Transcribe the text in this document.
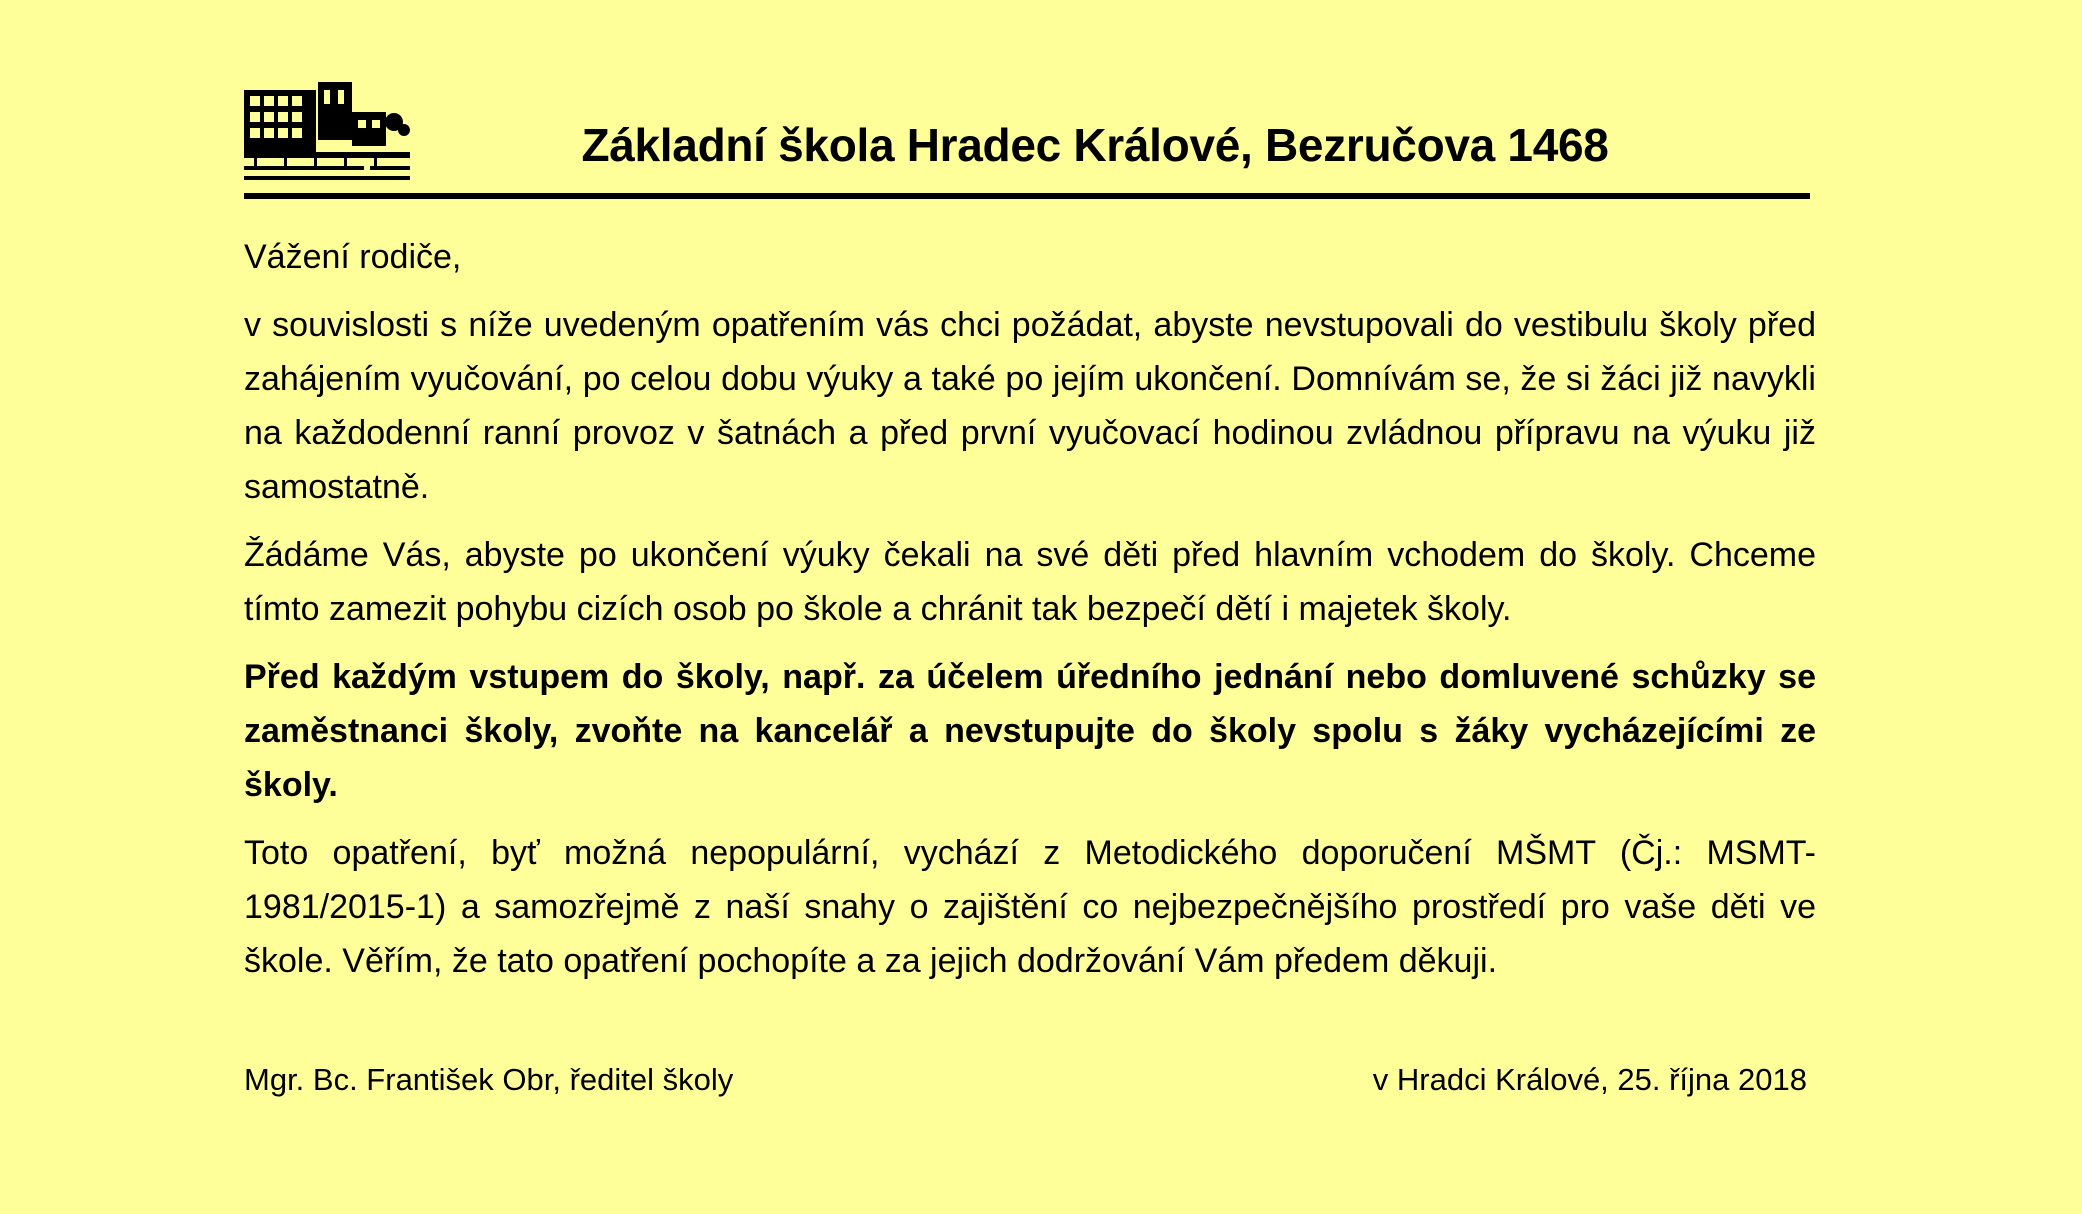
Základní škola Hradec Králové, Bezručova 1468

Vážení rodiče,

v souvislosti s níže uvedeným opatřením vás chci požádat, abyste nevstupovali do vestibulu školy před zahájením vyučování, po celou dobu výuky a také po jejím ukončení. Domnívám se, že si žáci již navykli na každodenní ranní provoz v šatnách a před první vyučovací hodinou zvládnou přípravu na výuku již samostatně.

Žádáme Vás, abyste po ukončení výuky čekali na své děti před hlavním vchodem do školy. Chceme tímto zamezit pohybu cizích osob po škole a chránit tak bezpečí dětí i majetek školy.

Před každým vstupem do školy, např. za účelem úředního jednání nebo domluvené schůzky se zaměstnanci školy, zvoňte na kancelář a nevstupujte do školy spolu s žáky vycházejícími ze školy.

Toto opatření, byť možná nepopulární, vychází z Metodického doporučení MŠMT (Čj.: MSMT-1981/2015-1) a samozřejmě z naší snahy o zajištění co nejbezpečnějšího prostředí pro vaše děti ve škole. Věřím, že tato opatření pochopíte a za jejich dodržování Vám předem děkuji.

Mgr. Bc. František Obr, ředitel školy	v Hradci Králové, 25. října 2018
